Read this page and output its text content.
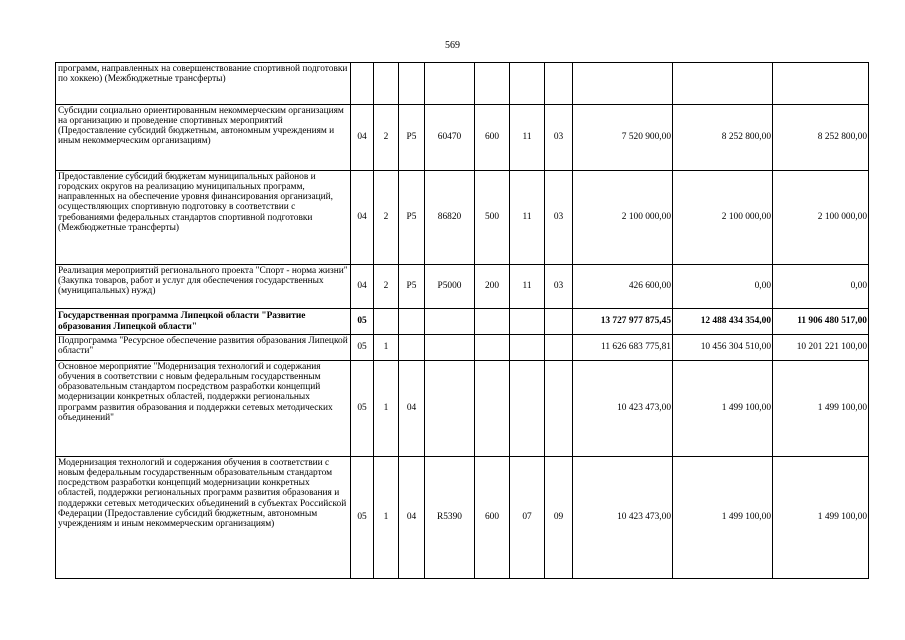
569
программ, направленных на совершенствование спортивной подготовки по хоккею) (Межбюджетные трансферты)										
Субсидии социально ориентированным некоммерческим организациям на организацию и проведение спортивных мероприятий (Предоставление субсидий бюджетным, автономным учреждениям и иным некоммерческим организациям)	04	2	P5	60470	600	11	03	7 520 900,00	8 252 800,00	8 252 800,00
Предоставление субсидий бюджетам муниципальных районов и городских округов на реализацию муниципальных программ, направленных на обеспечение уровня финансирования организаций, осуществляющих спортивную подготовку в соответствии с требованиями федеральных стандартов спортивной подготовки (Межбюджетные трансферты)	04	2	P5	86820	500	11	03	2 100 000,00	2 100 000,00	2 100 000,00
Реализация мероприятий регионального проекта "Спорт - норма жизни" (Закупка товаров, работ и услуг для обеспечения государственных (муниципальных) нужд)	04	2	P5	P5000	200	11	03	426 600,00	0,00	0,00
Государственная программа Липецкой области "Развитие образования Липецкой области"	05							13 727 977 875,45	12 488 434 354,00	11 906 480 517,00
Подпрограмма "Ресурсное обеспечение развития образования Липецкой области"	05	1						11 626 683 775,81	10 456 304 510,00	10 201 221 100,00
Основное мероприятие "Модернизация технологий и содержания обучения в соответствии с новым федеральным государственным образовательным стандартом посредством разработки концепций модернизации конкретных областей, поддержки региональных программ развития образования и поддержки сетевых методических объединений"	05	1	04					10 423 473,00	1 499 100,00	1 499 100,00
Модернизация технологий и содержания обучения в соответствии с новым федеральным государственным образовательным стандартом посредством разработки концепций модернизации конкретных областей, поддержки региональных программ развития образования и поддержки сетевых методических объединений в субъектах Российской Федерации (Предоставление субсидий бюджетным, автономным учреждениям и иным некоммерческим организациям)	05	1	04	R5390	600	07	09	10 423 473,00	1 499 100,00	1 499 100,00
